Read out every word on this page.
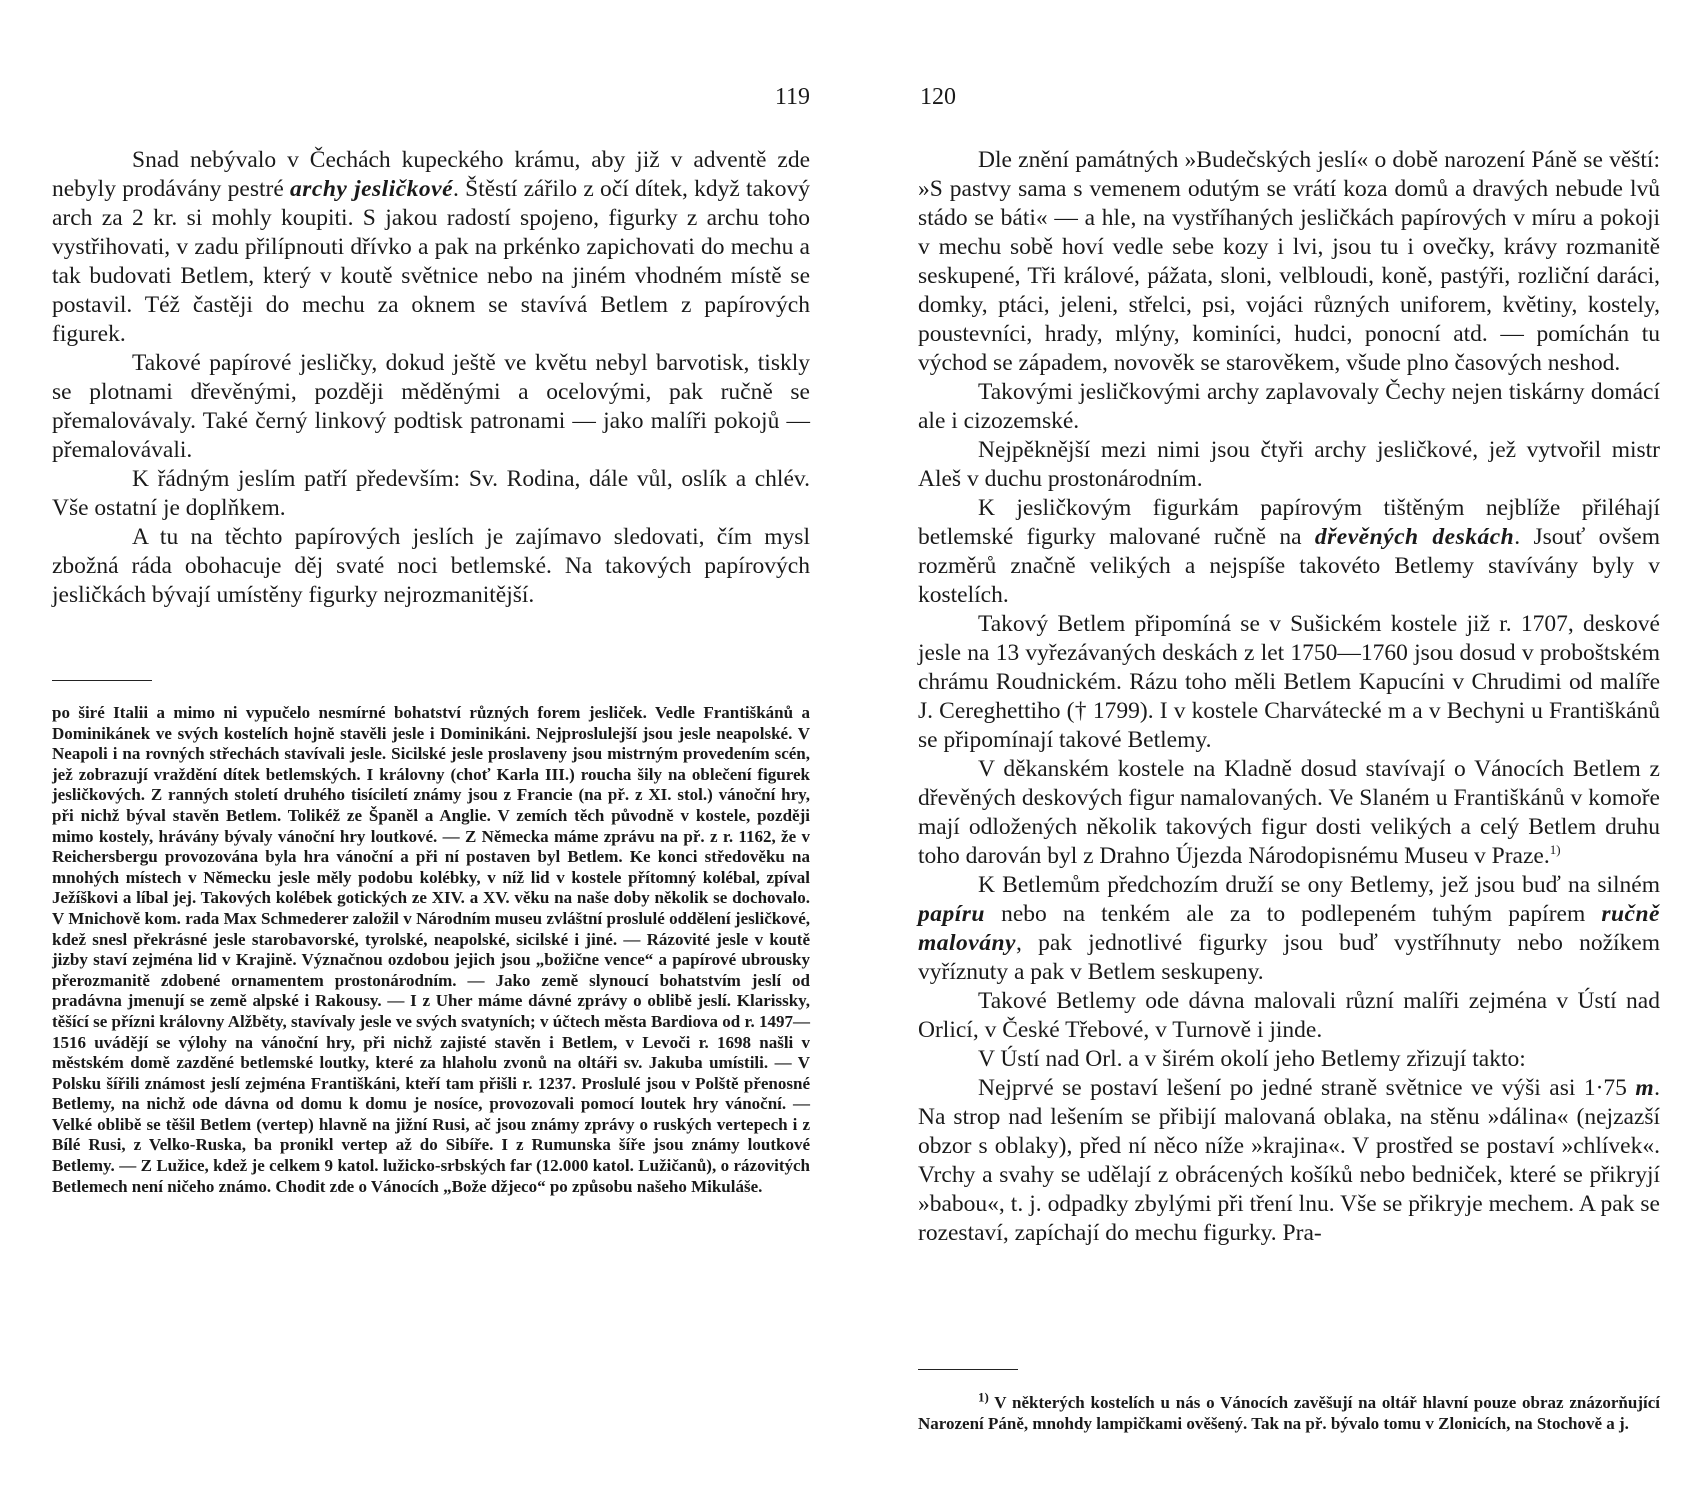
119

Snad nebývalo v Čechách kupeckého krámu, aby již v adventě zde nebyly prodávány pestré archy jesličkové. Štěstí zářilo z očí dítek, když takový arch za 2 kr. si mohly koupiti. S jakou radostí spojeno, figurky z archu toho vystřihovati, v zadu přilípnouti dřívko a pak na prkénko zapichovati do mechu a tak budovati Betlem, který v koutě světnice nebo na jiném vhodném místě se postavil. Též častěji do mechu za oknem se stavívá Betlem z papírových figurek.

Takové papírové jesličky, dokud ještě ve květu nebyl barvotisk, tiskly se plotnami dřevěnými, později měděnými a ocelovými, pak ručně se přemalovávaly. Také černý linkový podtisk patronami — jako malíři pokojů — přemalovávali.

K řádným jeslím patří především: Sv. Rodina, dále vůl, oslík a chlév. Vše ostatní je doplňkem.

A tu na těchto papírových jeslích je zajímavo sledovati, čím mysl zbožná ráda obohacuje děj svaté noci betlemské. Na takových papírových jesličkách bývají umístěny figurky nejrozmanitější.

po širé Italii a mimo ni vypučelo nesmírné bohatství různých forem jesliček. Vedle Františkánů a Dominikánek ve svých kostelích hojně stavěli jesle i Dominikáni. Nejproslulejší jsou jesle neapolské. V Neapoli i na rovných střechách stavívali jesle. Sicilské jesle proslaveny jsou mistrným provedením scén, jež zobrazují vraždění dítek betlemských. I královny (choť Karla III.) roucha šily na oblečení figurek jesličkových. Z ranných století druhého tisíciletí známy jsou z Francie (na př. z XI. stol.) vánoční hry, při nichž býval stavěn Betlem. Tolikéž ze Španěl a Anglie. V zemích těch původně v kostele, později mimo kostely, hrávány bývaly vánoční hry loutkové. — Z Německa máme zprávu na př. z r. 1162, že v Reichersbergu provozována byla hra vánoční a při ní postaven byl Betlem. Ke konci středověku na mnohých místech v Německu jesle měly podobu kolébky, v níž lid v kostele přítomný kolébal, zpíval Ježíškovi a líbal jej. Takových kolébek gotických ze XIV. a XV. věku na naše doby několik se dochovalo. V Mnichově kom. rada Max Schmederer založil v Národním museu zvláštní proslulé oddělení jesličkové, kdež snesl překrásné jesle starobavorské, tyrolské, neapolské, sicilské i jiné. — Rázovité jesle v koutě jizby staví zejména lid v Krajině. Význačnou ozdobou jejich jsou „božične vence“ a papírové ubrousky přerozmanitě zdobené ornamentem prostonárodním. — Jako země slynoucí bohatstvím jeslí od pradávna jmenují se země alpské i Rakousy. — I z Uher máme dávné zprávy o oblibě jeslí. Klarissky, těšící se přízni královny Alžběty, stavívaly jesle ve svých svatyních; v účtech města Bardiova od r. 1497—1516 uvádějí se výlohy na vánoční hry, při nichž zajisté stavěn i Betlem, v Levoči r. 1698 našli v městském domě zazděné betlemské loutky, které za hlaholu zvonů na oltáři sv. Jakuba umístili. — V Polsku šířili známost jeslí zejména Františkáni, kteří tam přišli r. 1237. Proslulé jsou v Polště přenosné Betlemy, na nichž ode dávna od domu k domu je nosíce, provozovali pomocí loutek hry vánoční. — Velké oblibě se těšil Betlem (vertep) hlavně na jižní Rusi, ač jsou známy zprávy o ruských vertepech i z Bílé Rusi, z Velko-Ruska, ba pronikl vertep až do Sibíře. I z Rumunska šíře jsou známy loutkové Betlemy. — Z Lužice, kdež je celkem 9 katol. lužicko-srbských far (12.000 katol. Lužičanů), o rázovitých Betlemech není ničeho známo. Chodit zde o Vánocích „Bože džjeco“ po způsobu našeho Mikuláše.
120

Dle znění památných »Budečských jeslí« o době narození Páně se věští: »S pastvy sama s vemenem odutým se vrátí koza domů a dravých nebude lvů stádo se báti« — a hle, na vystříhaných jesličkách papírových v míru a pokoji v mechu sobě hoví vedle sebe kozy i lvi, jsou tu i ovečky, krávy rozmanitě seskupené, Tři králové, pážata, sloni, velbloudi, koně, pastýři, rozliční daráci, domky, ptáci, jeleni, střelci, psi, vojáci různých uniforem, květiny, kostely, poustevníci, hrady, mlýny, kominíci, hudci, ponocní atd. — pomíchán tu východ se západem, novověk se starověkem, všude plno časových neshod.

Takovými jesličkovými archy zaplavovaly Čechy nejen tiskárny domácí ale i cizozemské.

Nejpěknější mezi nimi jsou čtyři archy jesličkové, jež vytvořil mistr Aleš v duchu prostonárodním.

K jesličkovým figurkám papírovým tištěným nejblíže přiléhají betlemské figurky malované ručně na dřevěných deskách. Jsouť ovšem rozměrů značně velikých a nejspíše takovéto Betlemy stavívány byly v kostelích.

Takový Betlem připomíná se v Sušickém kostele již r. 1707, deskové jesle na 13 vyřezávaných deskách z let 1750—1760 jsou dosud v proboštském chrámu Roudnickém. Rázu toho měli Betlem Kapucíni v Chrudimi od malíře J. Cereghettiho († 1799). I v kostele Charvátecké m a v Bechyni u Františkánů se připomínají takové Betlemy.

V děkanském kostele na Kladně dosud stavívají o Vánocích Betlem z dřevěných deskových figur namalovaných. Ve Slaném u Františkánů v komoře mají odložených několik takových figur dosti velikých a celý Betlem druhu toho darován byl z Drahno Újezda Národopisnému Museu v Praze.$^{1)}$

K Betlemům předchozím druží se ony Betlemy, jež jsou buď na silném papíru nebo na tenkém ale za to podlepeném tuhým papírem ručně malovány, pak jednotlivé figurky jsou buď vystříhnuty nebo nožíkem vyříznuty a pak v Betlem seskupeny.

Takové Betlemy ode dávna malovali různí malíři zejména v Ústí nad Orlicí, v České Třebové, v Turnově i jinde.

V Ústí nad Orl. a v širém okolí jeho Betlemy zřizují takto:

Nejprvé se postaví lešení po jedné straně světnice ve výši asi 1·75 m. Na strop nad lešením se přibijí malovaná oblaka, na stěnu »dálina« (nejzazší obzor s oblaky), před ní něco níže »krajina«. V prostřed se postaví »chlívek«. Vrchy a svahy se udělají z obrácených košíků nebo bedniček, které se přikryjí »babou«, t. j. odpadky zbylými při tření lnu. Vše se přikryje mechem. A pak se rozestaví, zapíchají do mechu figurky. Pra-

$^{1)}$ V některých kostelích u nás o Vánocích zavěšují na oltář hlavní pouze obraz znázorňující Narození Páně, mnohdy lampičkami ověšený. Tak na př. bývalo tomu v Zlonicích, na Stochově a j.
